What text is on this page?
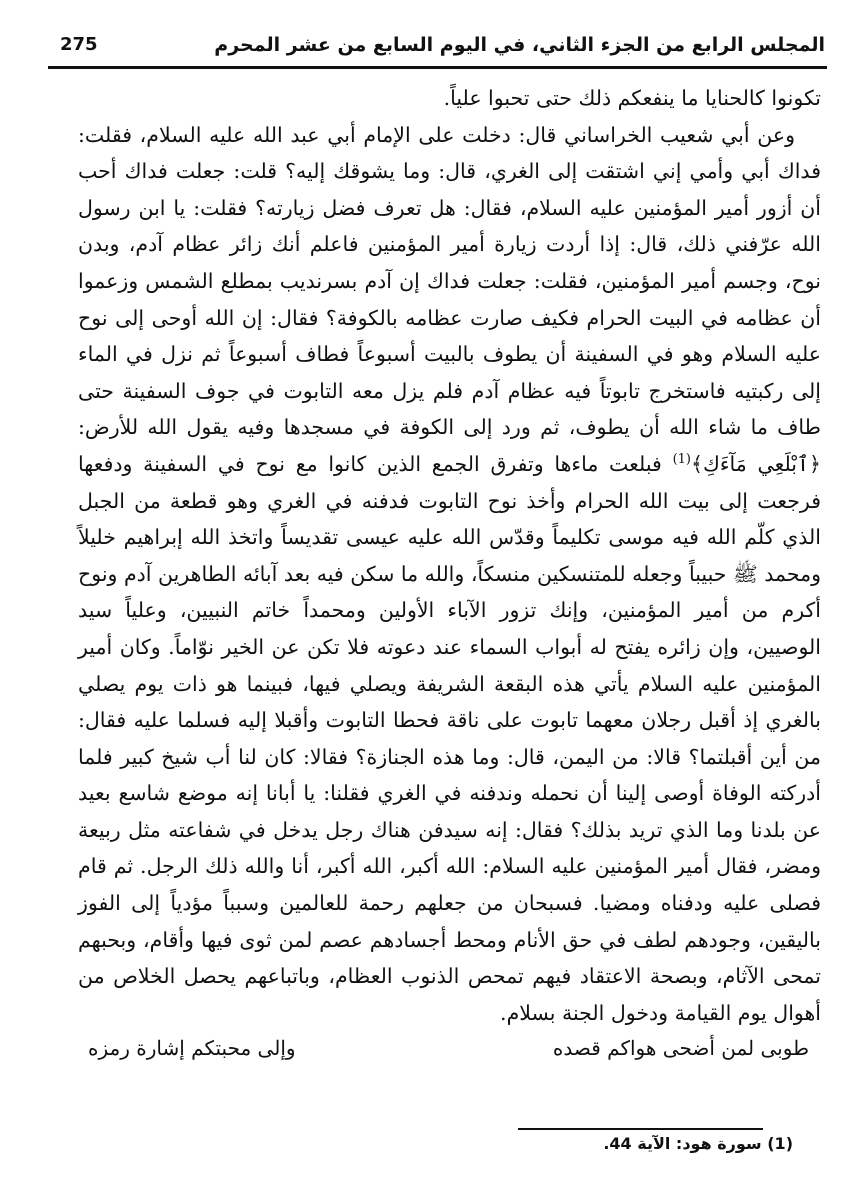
المجلس الرابع من الجزء الثاني، في اليوم السابع من عشر المحرم
275

تكونوا كالحنايا ما ينفعكم ذلك حتى تحبوا علياً.

وعن أبي شعيب الخراساني قال: دخلت على الإمام أبي عبد الله عليه السلام، فقلت: فداك أبي وأمي إني اشتقت إلى الغري، قال: وما يشوقك إليه؟ قلت: جعلت فداك أحب أن أزور أمير المؤمنين عليه السلام، فقال: هل تعرف فضل زيارته؟ فقلت: يا ابن رسول الله عرّفني ذلك، قال: إذا أردت زيارة أمير المؤمنين فاعلم أنك زائر عظام آدم، وبدن نوح، وجسم أمير المؤمنين، فقلت: جعلت فداك إن آدم بسرنديب بمطلع الشمس وزعموا أن عظامه في البيت الحرام فكيف صارت عظامه بالكوفة؟ فقال: إن الله أوحى إلى نوح عليه السلام وهو في السفينة أن يطوف بالبيت أسبوعاً فطاف أسبوعاً ثم نزل في الماء إلى ركبتيه فاستخرج تابوتاً فيه عظام آدم فلم يزل معه التابوت في جوف السفينة حتى طاف ما شاء الله أن يطوف، ثم ورد إلى الكوفة في مسجدها وفيه يقول الله للأرض: ﴿ٱبْلَعِي مَآءَكِ﴾$^{(1)}$ فبلعت ماءها وتفرق الجمع الذين كانوا مع نوح في السفينة ودفعها فرجعت إلى بيت الله الحرام وأخذ نوح التابوت فدفنه في الغري وهو قطعة من الجبل الذي كلّم الله فيه موسى تكليماً وقدّس الله عليه عيسى تقديساً واتخذ الله إبراهيم خليلاً ومحمد ﷺ حبيباً وجعله للمتنسكين منسكاً، والله ما سكن فيه بعد آبائه الطاهرين آدم ونوح أكرم من أمير المؤمنين، وإنك تزور الآباء الأولين ومحمداً خاتم النبيين، وعلياً سيد الوصيين، وإن زائره يفتح له أبواب السماء عند دعوته فلا تكن عن الخير نوّاماً. وكان أمير المؤمنين عليه السلام يأتي هذه البقعة الشريفة ويصلي فيها، فبينما هو ذات يوم يصلي بالغري إذ أقبل رجلان معهما تابوت على ناقة فحطا التابوت وأقبلا إليه فسلما عليه فقال: من أين أقبلتما؟ قالا: من اليمن، قال: وما هذه الجنازة؟ فقالا: كان لنا أب شيخ كبير فلما أدركته الوفاة أوصى إلينا أن نحمله وندفنه في الغري فقلنا: يا أبانا إنه موضع شاسع بعيد عن بلدنا وما الذي تريد بذلك؟ فقال: إنه سيدفن هناك رجل يدخل في شفاعته مثل ربيعة ومضر، فقال أمير المؤمنين عليه السلام: الله أكبر، الله أكبر، أنا والله ذلك الرجل. ثم قام فصلى عليه ودفناه ومضيا. فسبحان من جعلهم رحمة للعالمين وسبباً مؤدياً إلى الفوز باليقين، وجودهم لطف في حق الأنام ومحط أجسادهم عصم لمن ثوى فيها وأقام، وبحبهم تمحى الآثام، وبصحة الاعتقاد فيهم تمحص الذنوب العظام، وباتباعهم يحصل الخلاص من أهوال يوم القيامة ودخول الجنة بسلام.

طوبى لمن أضحى هواكم قصده
وإلى محبتكم إشارة رمزه
(1) سورة هود: الآية 44.
